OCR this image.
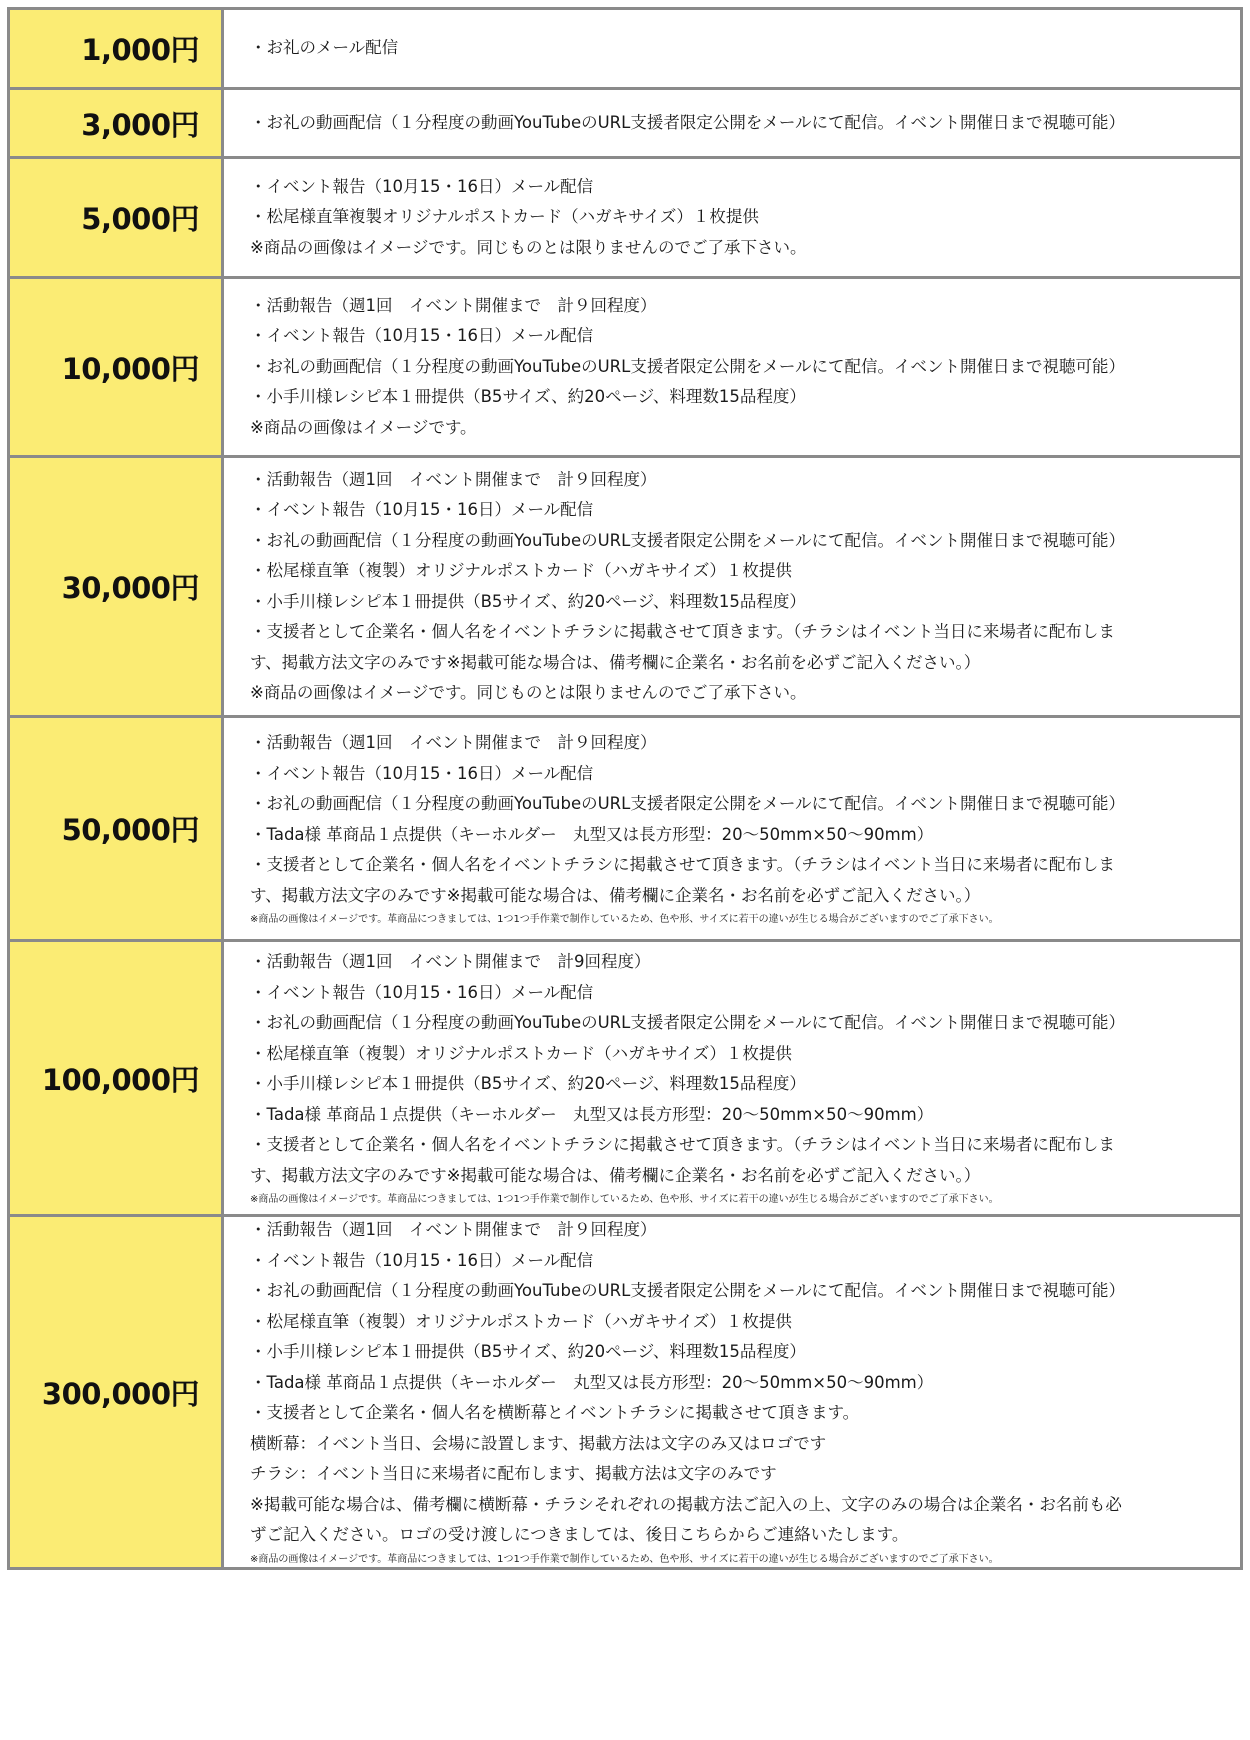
1,000円	・お礼のメール配信
3,000円	・お礼の動画配信（１分程度の動画YouTubeのURL支援者限定公開をメールにて配信。イベント開催日まで視聴可能）
5,000円
・イベント報告（10月15・16日）メール配信
・松尾様直筆複製オリジナルポストカード（ハガキサイズ）１枚提供
※商品の画像はイメージです。同じものとは限りませんのでご了承下さい。
10,000円
・活動報告（週1回　イベント開催まで　計９回程度）
・イベント報告（10月15・16日）メール配信
・お礼の動画配信（１分程度の動画YouTubeのURL支援者限定公開をメールにて配信。イベント開催日まで視聴可能）
・小手川様レシピ本１冊提供（B5サイズ、約20ページ、料理数15品程度）
※商品の画像はイメージです。
30,000円
・活動報告（週1回　イベント開催まで　計９回程度）
・イベント報告（10月15・16日）メール配信
・お礼の動画配信（１分程度の動画YouTubeのURL支援者限定公開をメールにて配信。イベント開催日まで視聴可能）
・松尾様直筆（複製）オリジナルポストカード（ハガキサイズ）１枚提供
・小手川様レシピ本１冊提供（B5サイズ、約20ページ、料理数15品程度）
・支援者として企業名・個人名をイベントチラシに掲載させて頂きます。（チラシはイベント当日に来場者に配布しま
す、掲載方法文字のみです※掲載可能な場合は、備考欄に企業名・お名前を必ずご記入ください。）
※商品の画像はイメージです。同じものとは限りませんのでご了承下さい。
50,000円
・活動報告（週1回　イベント開催まで　計９回程度）
・イベント報告（10月15・16日）メール配信
・お礼の動画配信（１分程度の動画YouTubeのURL支援者限定公開をメールにて配信。イベント開催日まで視聴可能）
・Tada様 革商品１点提供（キーホルダー　丸型又は長方形型：20〜50mm×50〜90mm）
・支援者として企業名・個人名をイベントチラシに掲載させて頂きます。（チラシはイベント当日に来場者に配布しま
す、掲載方法文字のみです※掲載可能な場合は、備考欄に企業名・お名前を必ずご記入ください。）
※商品の画像はイメージです。革商品につきましては、1つ1つ手作業で制作しているため、色や形、サイズに若干の違いが生じる場合がございますのでご了承下さい。
100,000円
・活動報告（週1回　イベント開催まで　計9回程度）
・イベント報告（10月15・16日）メール配信
・お礼の動画配信（１分程度の動画YouTubeのURL支援者限定公開をメールにて配信。イベント開催日まで視聴可能）
・松尾様直筆（複製）オリジナルポストカード（ハガキサイズ）１枚提供
・小手川様レシピ本１冊提供（B5サイズ、約20ページ、料理数15品程度）
・Tada様 革商品１点提供（キーホルダー　丸型又は長方形型：20〜50mm×50〜90mm）
・支援者として企業名・個人名をイベントチラシに掲載させて頂きます。（チラシはイベント当日に来場者に配布しま
す、掲載方法文字のみです※掲載可能な場合は、備考欄に企業名・お名前を必ずご記入ください。）
※商品の画像はイメージです。革商品につきましては、1つ1つ手作業で制作しているため、色や形、サイズに若干の違いが生じる場合がございますのでご了承下さい。
300,000円
・活動報告（週1回　イベント開催まで　計９回程度）
・イベント報告（10月15・16日）メール配信
・お礼の動画配信（１分程度の動画YouTubeのURL支援者限定公開をメールにて配信。イベント開催日まで視聴可能）
・松尾様直筆（複製）オリジナルポストカード（ハガキサイズ）１枚提供
・小手川様レシピ本１冊提供（B5サイズ、約20ページ、料理数15品程度）
・Tada様 革商品１点提供（キーホルダー　丸型又は長方形型：20〜50mm×50〜90mm）
・支援者として企業名・個人名を横断幕とイベントチラシに掲載させて頂きます。
横断幕：イベント当日、会場に設置します、掲載方法は文字のみ又はロゴです
チラシ：イベント当日に来場者に配布します、掲載方法は文字のみです
※掲載可能な場合は、備考欄に横断幕・チラシそれぞれの掲載方法ご記入の上、文字のみの場合は企業名・お名前も必
ずご記入ください。ロゴの受け渡しにつきましては、後日こちらからご連絡いたします。
※商品の画像はイメージです。革商品につきましては、1つ1つ手作業で制作しているため、色や形、サイズに若干の違いが生じる場合がございますのでご了承下さい。
